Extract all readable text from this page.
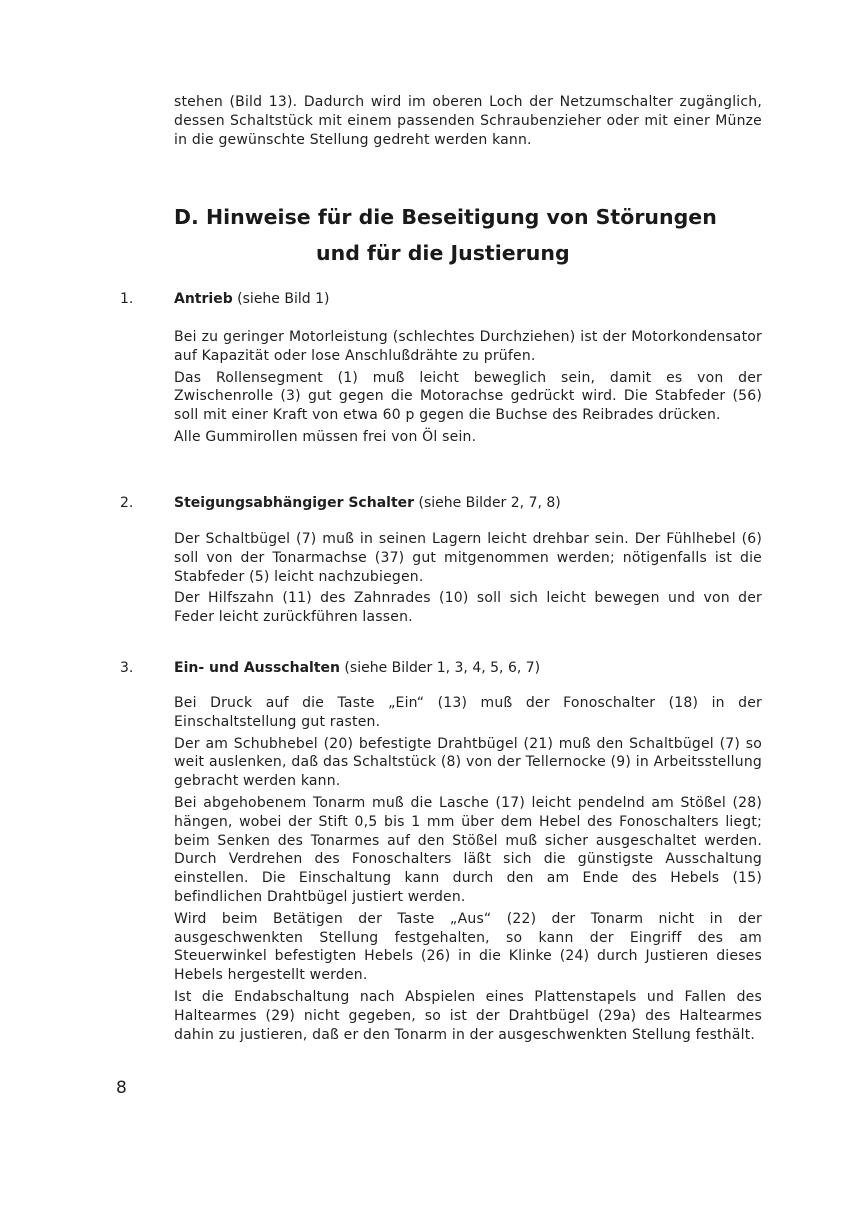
stehen (Bild 13). Dadurch wird im oberen Loch der Netzumschalter zugänglich, dessen Schaltstück mit einem passenden Schraubenzieher oder mit einer Münze in die gewünschte Stellung gedreht werden kann.

D. Hinweise für die Beseitigung von Störungen
und für die Justierung
1.	Antrieb (siehe Bild 1)

Bei zu geringer Motorleistung (schlechtes Durchziehen) ist der Motorkondensator auf Kapazität oder lose Anschlußdrähte zu prüfen.

Das Rollensegment (1) muß leicht beweglich sein, damit es von der Zwischenrolle (3) gut gegen die Motorachse gedrückt wird. Die Stabfeder (56) soll mit einer Kraft von etwa 60 p gegen die Buchse des Reibrades drücken.

Alle Gummirollen müssen frei von Öl sein.

2.	Steigungsabhängiger Schalter (siehe Bilder 2, 7, 8)

Der Schaltbügel (7) muß in seinen Lagern leicht drehbar sein. Der Fühlhebel (6) soll von der Tonarmachse (37) gut mitgenommen werden; nötigenfalls ist die Stabfeder (5) leicht nachzubiegen.

Der Hilfszahn (11) des Zahnrades (10) soll sich leicht bewegen und von der Feder leicht zurückführen lassen.

3.	Ein- und Ausschalten (siehe Bilder 1, 3, 4, 5, 6, 7)

Bei Druck auf die Taste „Ein“ (13) muß der Fonoschalter (18) in der Einschaltstellung gut rasten.

Der am Schubhebel (20) befestigte Drahtbügel (21) muß den Schaltbügel (7) so weit auslenken, daß das Schaltstück (8) von der Tellernocke (9) in Arbeitsstellung gebracht werden kann.

Bei abgehobenem Tonarm muß die Lasche (17) leicht pendelnd am Stößel (28) hängen, wobei der Stift 0,5 bis 1 mm über dem Hebel des Fonoschalters liegt; beim Senken des Tonarmes auf den Stößel muß sicher ausgeschaltet werden. Durch Verdrehen des Fonoschalters läßt sich die günstigste Ausschaltung einstellen. Die Einschaltung kann durch den am Ende des Hebels (15) befindlichen Drahtbügel justiert werden.

Wird beim Betätigen der Taste „Aus“ (22) der Tonarm nicht in der ausgeschwenkten Stellung festgehalten, so kann der Eingriff des am Steuerwinkel befestigten Hebels (26) in die Klinke (24) durch Justieren dieses Hebels hergestellt werden.

Ist die Endabschaltung nach Abspielen eines Plattenstapels und Fallen des Haltearmes (29) nicht gegeben, so ist der Drahtbügel (29a) des Haltearmes dahin zu justieren, daß er den Tonarm in der ausgeschwenkten Stellung festhält.

8
